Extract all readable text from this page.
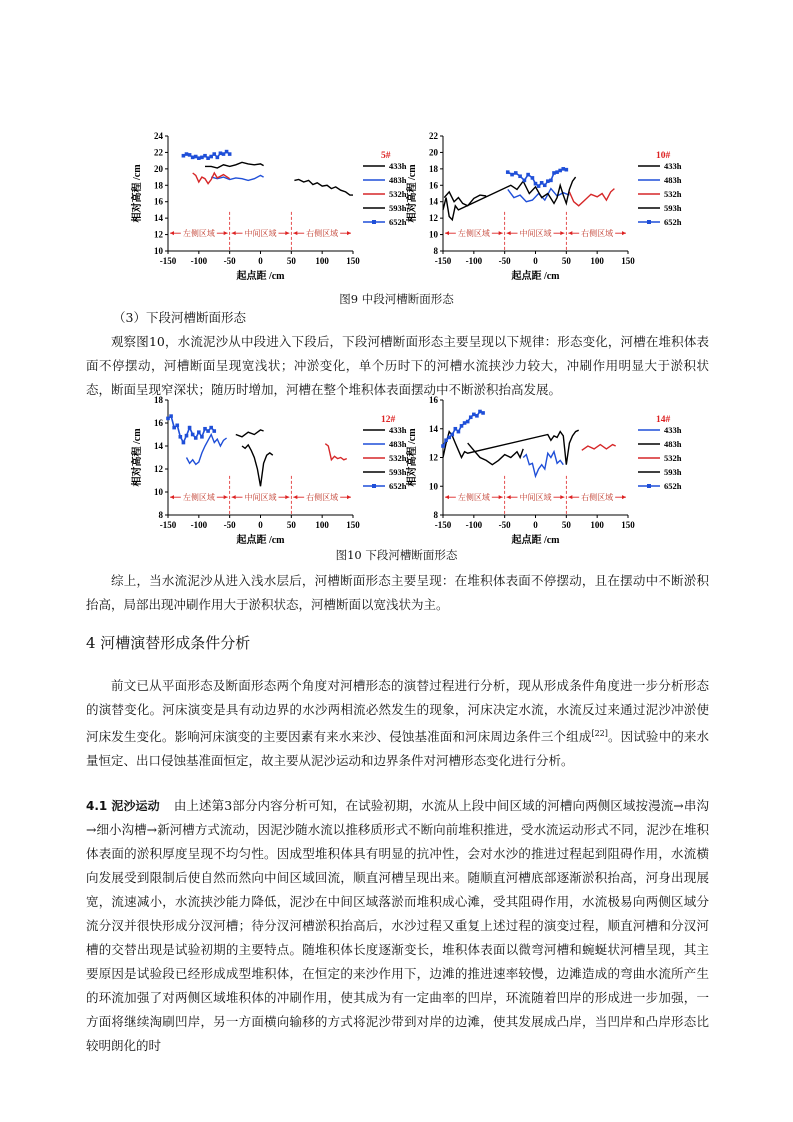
10
12
14
16
18
20
22
24
-150 -100 -50	0	50 100 150
起点距 /cm
相对高程 /cm
左侧区域	中间区域	右侧区域
5#
433h
483h
532h
593h
652h
8
10
12
14
16
18
20
22
-150 -100 -50	0	50 100 150
起点距 /cm
相对高程 /cm
左侧区域	中间区域	右侧区域
10#
433h
483h
532h
593h
652h
图9 中段河槽断面形态

（3）下段河槽断面形态

观察图10，水流泥沙从中段进入下段后，下段河槽断面形态主要呈现以下规律：形态变化，河槽在堆积体表面不停摆动，河槽断面呈现宽浅状；冲淤变化，单个历时下的河槽水流挟沙力较大，冲刷作用明显大于淤积状态，断面呈现窄深状；随历时增加，河槽在整个堆积体表面摆动中不断淤积抬高发展。

8
10
12
14
16
18
-150 -100 -50	0	50 100 150
起点距 /cm
相对高程 /cm
左侧区域	中间区域	右侧区域
12#
433h
483h
532h
593h
652h
8
10
12
14
16
-150 -100 -50	0	50 100 150
起点距 /cm
相对高程 /cm
左侧区域	中间区域	右侧区域
14#
433h
483h
532h
593h
652h
图10 下段河槽断面形态

综上，当水流泥沙从进入浅水层后，河槽断面形态主要呈现：在堆积体表面不停摆动，且在摆动中不断淤积抬高，局部出现冲刷作用大于淤积状态，河槽断面以宽浅状为主。

4 河槽演替形成条件分析

前文已从平面形态及断面形态两个角度对河槽形态的演替过程进行分析，现从形成条件角度进一步分析形态的演替变化。河床演变是具有动边界的水沙两相流必然发生的现象，河床决定水流，水流反过来通过泥沙冲淤使河床发生变化。影响河床演变的主要因素有来水来沙、侵蚀基准面和河床周边条件三个组成[22]。因试验中的来水量恒定、出口侵蚀基准面恒定，故主要从泥沙运动和边界条件对河槽形态变化进行分析。

4.1 泥沙运动 由上述第3部分内容分析可知，在试验初期，水流从上段中间区域的河槽向两侧区域按漫流→串沟→细小沟槽→新河槽方式流动，因泥沙随水流以推移质形式不断向前堆积推进，受水流运动形式不同，泥沙在堆积体表面的淤积厚度呈现不均匀性。因成型堆积体具有明显的抗冲性，会对水沙的推进过程起到阻碍作用，水流横向发展受到限制后使自然而然向中间区域回流，顺直河槽呈现出来。随顺直河槽底部逐渐淤积抬高，河身出现展宽，流速减小，水流挟沙能力降低，泥沙在中间区域落淤而堆积成心滩，受其阻碍作用，水流极易向两侧区域分流分汊并很快形成分汊河槽；待分汊河槽淤积抬高后，水沙过程又重复上述过程的演变过程，顺直河槽和分汊河槽的交替出现是试验初期的主要特点。随堆积体长度逐渐变长，堆积体表面以微弯河槽和蜿蜒状河槽呈现，其主要原因是试验段已经形成成型堆积体，在恒定的来沙作用下，边滩的推进速率较慢，边滩造成的弯曲水流所产生的环流加强了对两侧区域堆积体的冲刷作用，使其成为有一定曲率的凹岸，环流随着凹岸的形成进一步加强，一方面将继续淘刷凹岸，另一方面横向输移的方式将泥沙带到对岸的边滩，使其发展成凸岸，当凹岸和凸岸形态比较明朗化的时
